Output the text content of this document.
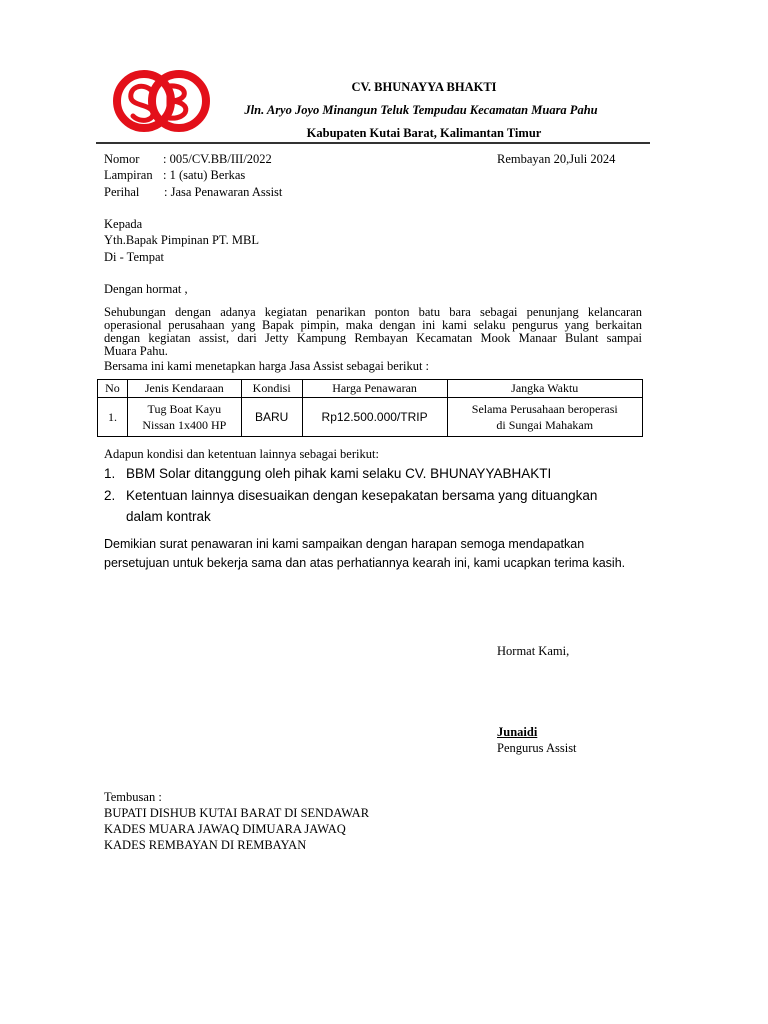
CV. BHUNAYYA BHAKTI
Jln. Aryo Joyo Minangun Teluk Tempudau Kecamatan Muara Pahu
Kabupaten Kutai Barat, Kalimantan Timur
Nomor : 005/CV.BB/III/2022	Rembayan 20,Juli 2024
Lampiran : 1 (satu) Berkas
Perihal : Jasa Penawaran Assist
Kepada
Yth.Bapak Pimpinan PT. MBL
Di - Tempat
Dengan hormat ,
Sehubungan dengan adanya kegiatan penarikan ponton batu bara sebagai penunjang kelancaran
operasional perusahaan yang Bapak pimpin, maka dengan ini kami selaku pengurus yang berkaitan
dengan kegiatan assist, dari Jetty Kampung Rembayan Kecamatan Mook Manaar Bulant sampai
Muara Pahu.
Bersama ini kami menetapkan harga Jasa Assist sebagai berikut :
No	Jenis Kendaraan	Kondisi	Harga Penawaran	Jangka Waktu
1.	Tug Boat Kayu
Nissan 1x400 HP	BARU	Rp12.500.000/TRIP	Selama Perusahaan beroperasi
di Sungai Mahakam
Adapun kondisi dan ketentuan lainnya sebagai berikut:
1. BBM Solar ditanggung oleh pihak kami selaku CV. BHUNAYYABHAKTI
2. Ketentuan lainnya disesuaikan dengan kesepakatan bersama yang dituangkan
dalam kontrak
Demikian surat penawaran ini kami sampaikan dengan harapan semoga mendapatkan
persetujuan untuk bekerja sama dan atas perhatiannya kearah ini, kami ucapkan terima kasih.
Hormat Kami,
Junaidi
Pengurus Assist
Tembusan :
BUPATI DISHUB KUTAI BARAT DI SENDAWAR
KADES MUARA JAWAQ DIMUARA JAWAQ
KADES REMBAYAN DI REMBAYAN
